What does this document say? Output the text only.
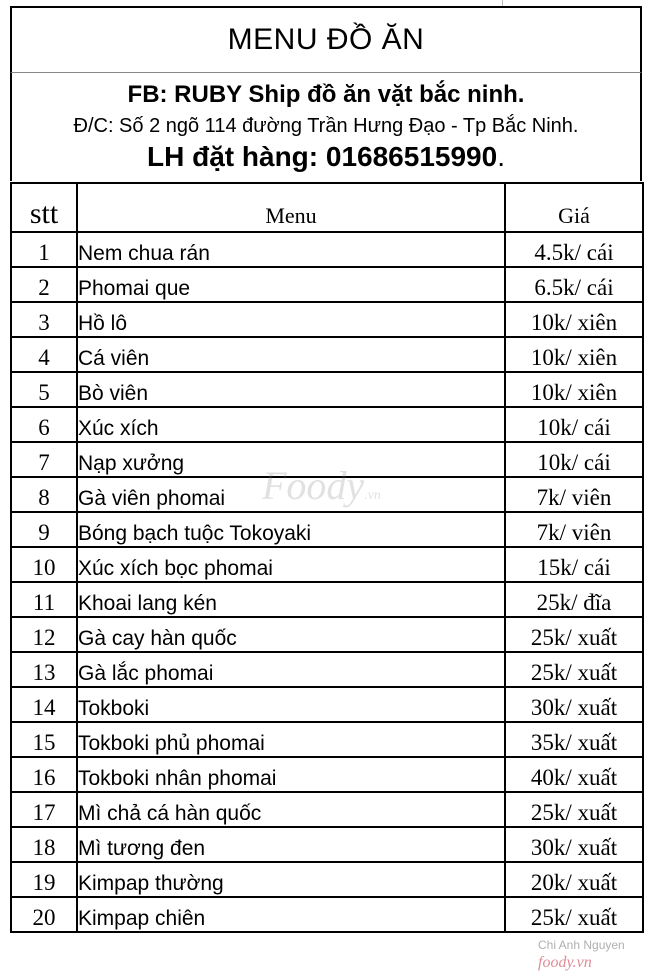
MENU ĐỒ ĂN
FB: RUBY Ship đồ ăn vặt bắc ninh.
Đ/C: Số 2 ngõ 114 đường Trần Hưng Đạo - Tp Bắc Ninh.
LH đặt hàng: 01686515990.
stt	Menu	Giá
1	Nem chua rán	4.5k/ cái
2	Phomai que	6.5k/ cái
3	Hồ lô	10k/ xiên
4	Cá viên	10k/ xiên
5	Bò viên	10k/ xiên
6	Xúc xích	10k/ cái
7	Nạp xưởng	10k/ cái
8	Gà viên phomai	7k/ viên
9	Bóng bạch tuộc Tokoyaki	7k/ viên
10	Xúc xích bọc phomai	15k/ cái
11	Khoai lang kén	25k/ đĩa
12	Gà cay hàn quốc	25k/ xuất
13	Gà lắc phomai	25k/ xuất
14	Tokboki	30k/ xuất
15	Tokboki phủ phomai	35k/ xuất
16	Tokboki nhân phomai	40k/ xuất
17	Mì chả cá hàn quốc	25k/ xuất
18	Mì tương đen	30k/ xuất
19	Kimpap thường	20k/ xuất
20	Kimpap chiên	25k/ xuất
Foody.vn
Chi Anh Nguyen
foody.vn
